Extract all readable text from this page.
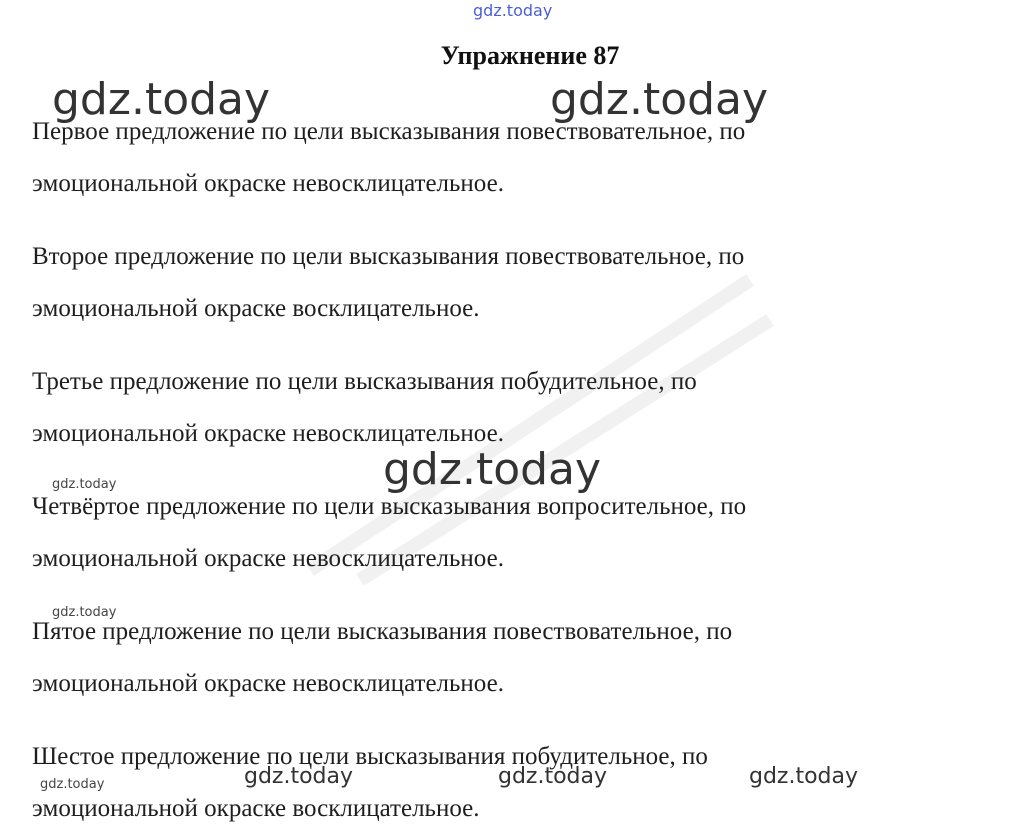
gdz.today
Упражнение 87
gdz.today	gdz.today
Первое предложение по цели высказывания повествовательное, по
эмоциональной окраске невосклицательное.
Второе предложение по цели высказывания повествовательное, по
эмоциональной окраске восклицательное.
Третье предложение по цели высказывания побудительное, по
эмоциональной окраске невосклицательное.
gdz.today
gdz.today
Четвёртое предложение по цели высказывания вопросительное, по
эмоциональной окраске невосклицательное.
gdz.today
Пятое предложение по цели высказывания повествовательное, по
эмоциональной окраске невосклицательное.
Шестое предложение по цели высказывания побудительное, по
эмоциональной окраске восклицательное.
gdz.today	gdz.today	gdz.today	gdz.today
